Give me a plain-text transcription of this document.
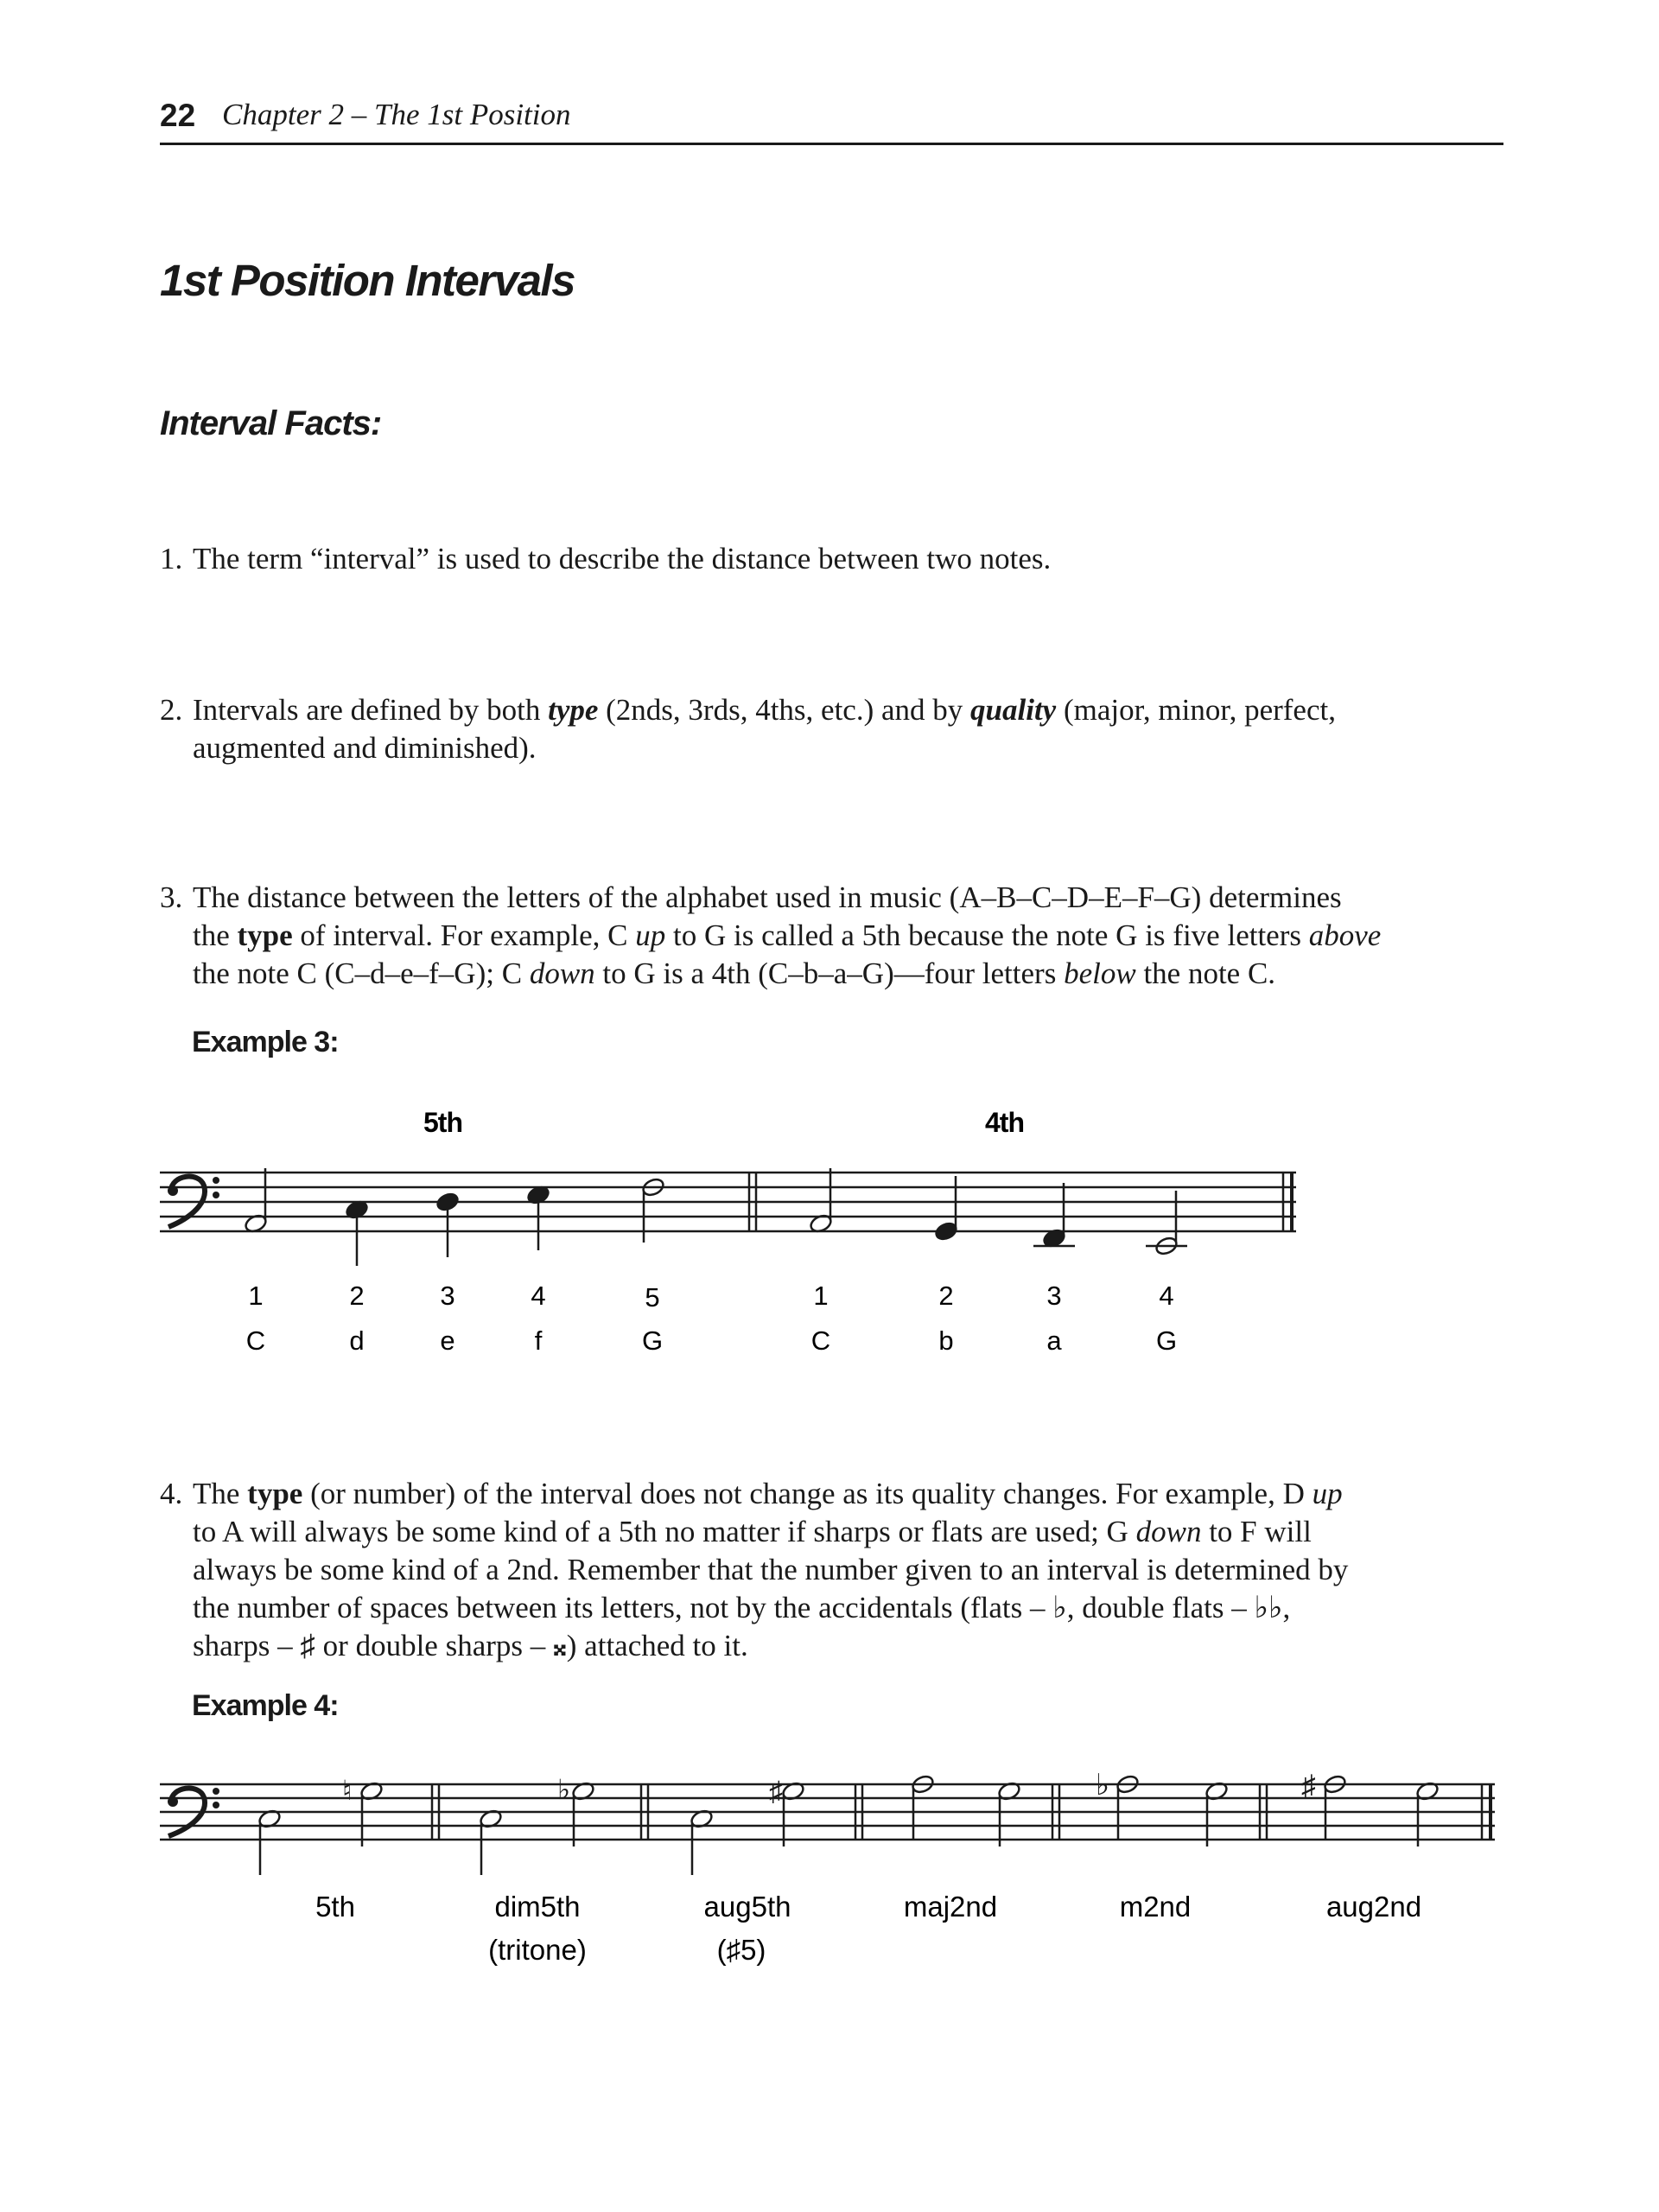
22 Chapter 2 – The 1st Position
1st Position Intervals
Interval Facts:
1. The term “interval” is used to describe the distance between two notes.
2. Intervals are defined by both type (2nds, 3rds, 4ths, etc.) and by quality (major, minor, perfect,
augmented and diminished).
3. The distance between the letters of the alphabet used in music (A–B–C–D–E–F–G) determines
the type of interval. For example, C up to G is called a 5th because the note G is five letters above
the note C (C–d–e–f–G); C down to G is a 4th (C–b–a–G)—four letters below the note C.
Example 3:
5th	4th
1	2	3	4	5	1	2	3	4
C	d	e	f	G	C	b	a	G
4. The type (or number) of the interval does not change as its quality changes. For example, D up
to A will always be some kind of a 5th no matter if sharps or flats are used; G down to F will
always be some kind of a 2nd. Remember that the number given to an interval is determined by
the number of spaces between its letters, not by the accidentals (flats – ♭, double flats – ♭♭,
sharps – ♯ or double sharps – 𝄪) attached to it.
Example 4:
♮	♭	♯	♭	♯
5th	dim5th	aug5th	maj2nd	m2nd	aug2nd
(tritone)	(♯5)
